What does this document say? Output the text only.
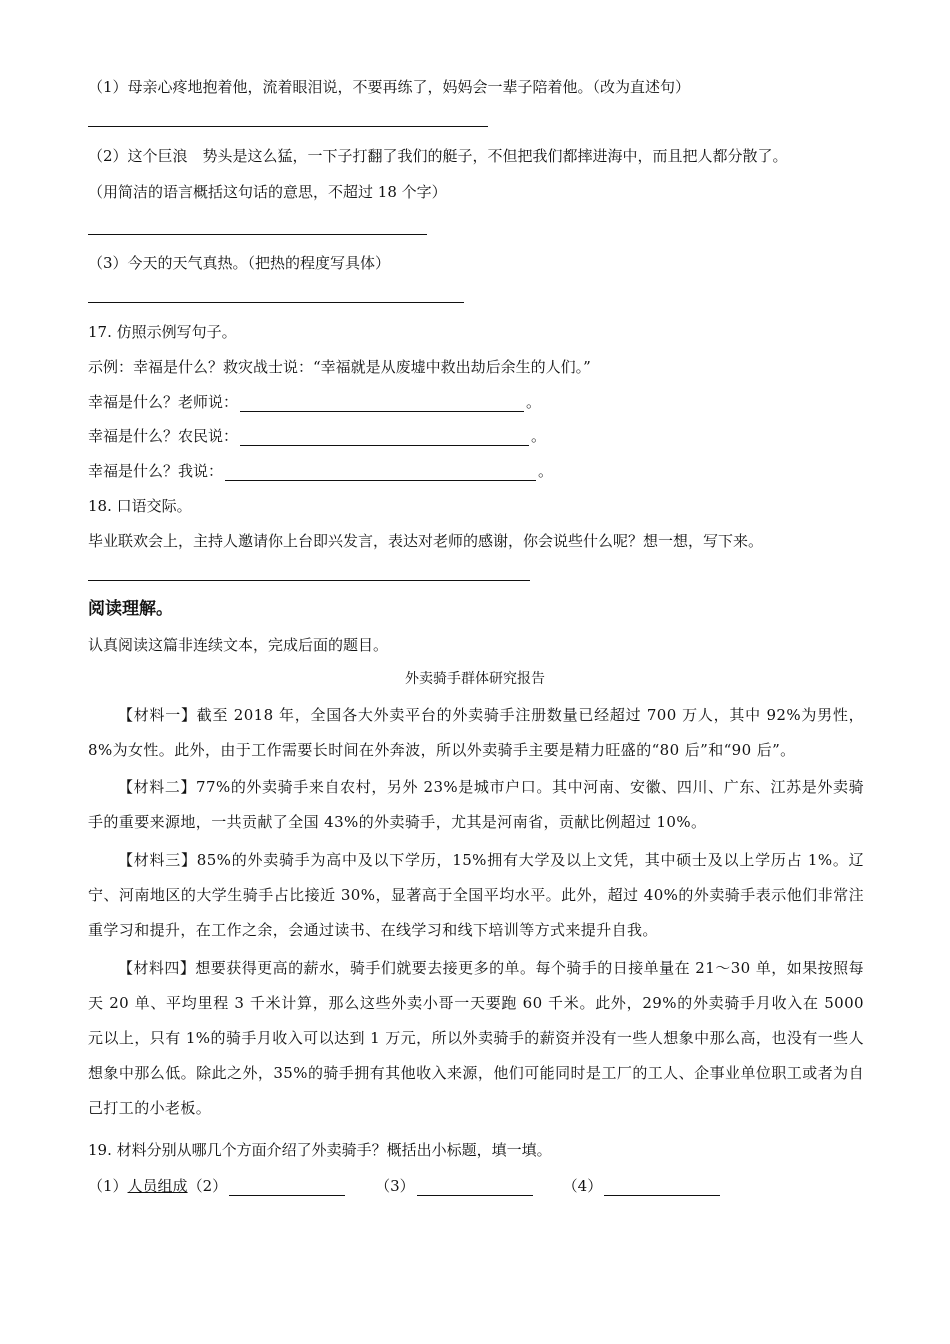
（1）母亲心疼地抱着他，流着眼泪说，不要再练了，妈妈会一辈子陪着他。（改为直述句）
（2）这个巨浪　势头是这么猛，一下子打翻了我们的艇子，不但把我们都摔进海中，而且把人都分散了。
（用简洁的语言概括这句话的意思，不超过 18 个字）
（3）今天的天气真热。（把热的程度写具体）
17. 仿照示例写句子。
示例：幸福是什么？救灾战士说：“幸福就是从废墟中救出劫后余生的人们。”
幸福是什么？老师说：	。
幸福是什么？农民说：	。
幸福是什么？我说：	。
18. 口语交际。
毕业联欢会上，主持人邀请你上台即兴发言，表达对老师的感谢，你会说些什么呢？想一想，写下来。
阅读理解。
认真阅读这篇非连续文本，完成后面的题目。
外卖骑手群体研究报告
【材料一】截至 2018 年，全国各大外卖平台的外卖骑手注册数量已经超过 700 万人，其中 92%为男性，8%为女性。此外，由于工作需要长时间在外奔波，所以外卖骑手主要是精力旺盛的“80 后”和“90 后”。
【材料二】77%的外卖骑手来自农村，另外 23%是城市户口。其中河南、安徽、四川、广东、江苏是外卖骑手的重要来源地，一共贡献了全国 43%的外卖骑手，尤其是河南省，贡献比例超过 10%。
【材料三】85%的外卖骑手为高中及以下学历，15%拥有大学及以上文凭，其中硕士及以上学历占 1%。辽宁、河南地区的大学生骑手占比接近 30%，显著高于全国平均水平。此外，超过 40%的外卖骑手表示他们非常注重学习和提升，在工作之余，会通过读书、在线学习和线下培训等方式来提升自我。
【材料四】想要获得更高的薪水，骑手们就要去接更多的单。每个骑手的日接单量在 21～30 单，如果按照每天 20 单、平均里程 3 千米计算，那么这些外卖小哥一天要跑 60 千米。此外，29%的外卖骑手月收入在 5000 元以上，只有 1%的骑手月收入可以达到 1 万元，所以外卖骑手的薪资并没有一些人想象中那么高，也没有一些人想象中那么低。除此之外，35%的骑手拥有其他收入来源，他们可能同时是工厂的工人、企事业单位职工或者为自己打工的小老板。
19. 材料分别从哪几个方面介绍了外卖骑手？概括出小标题，填一填。
（1）人员组成（2）	（3）	（4）
